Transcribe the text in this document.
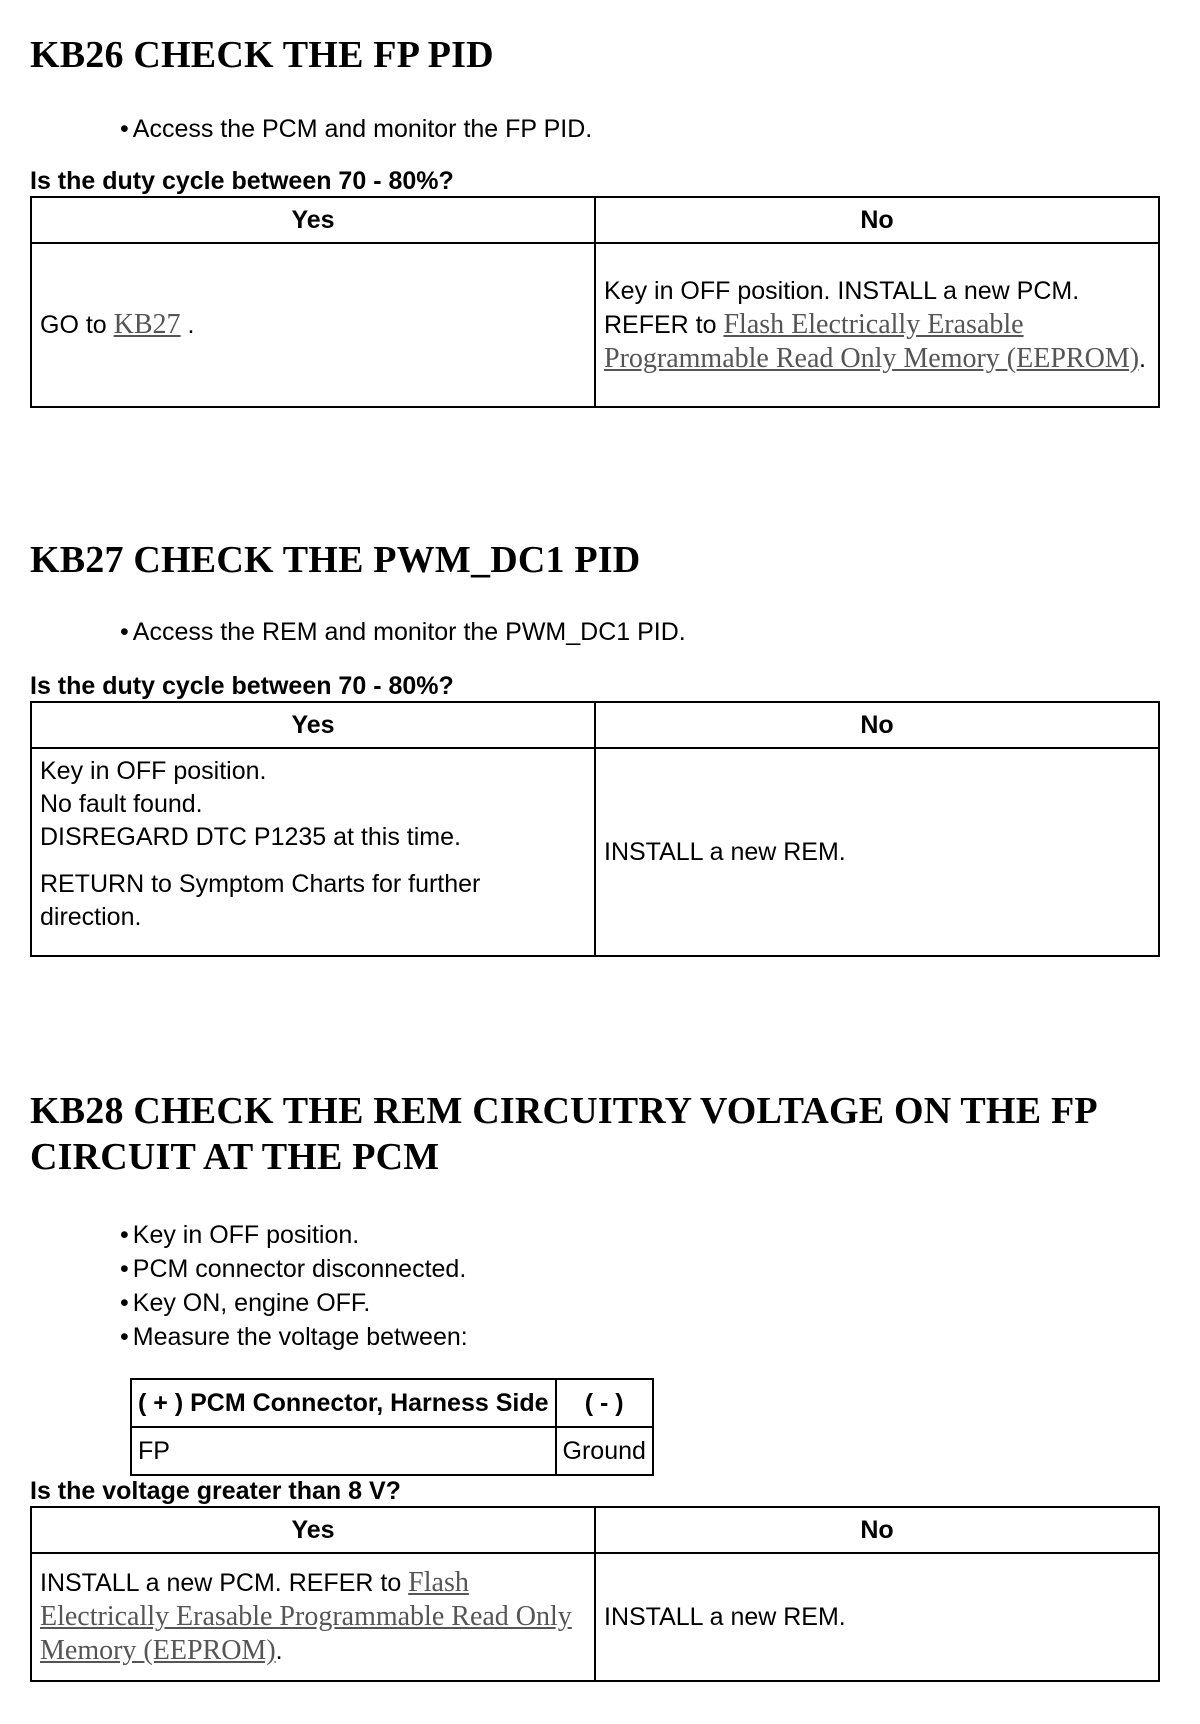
KB26 CHECK THE FP PID
• Access the PCM and monitor the FP PID.

Is the duty cycle between 70 - 80%?

Yes	No
GO to KB27 .	Key in OFF position. INSTALL a new PCM. REFER to Flash Electrically Erasable Programmable Read Only Memory (EEPROM).
KB27 CHECK THE PWM_DC1 PID
• Access the REM and monitor the PWM_DC1 PID.

Is the duty cycle between 70 - 80%?

Yes	No

Key in OFF position.
No fault found.
DISREGARD DTC P1235 at this time.
RETURN to Symptom Charts for further direction.	INSTALL a new REM.
KB28 CHECK THE REM CIRCUITRY VOLTAGE ON THE FP CIRCUIT AT THE PCM
• Key in OFF position.
• PCM connector disconnected.
• Key ON, engine OFF.
• Measure the voltage between:
( + ) PCM Connector, Harness Side	( - )
FP	Ground

Is the voltage greater than 8 V?

Yes	No
INSTALL a new PCM. REFER to Flash Electrically Erasable Programmable Read Only Memory (EEPROM).	INSTALL a new REM.
